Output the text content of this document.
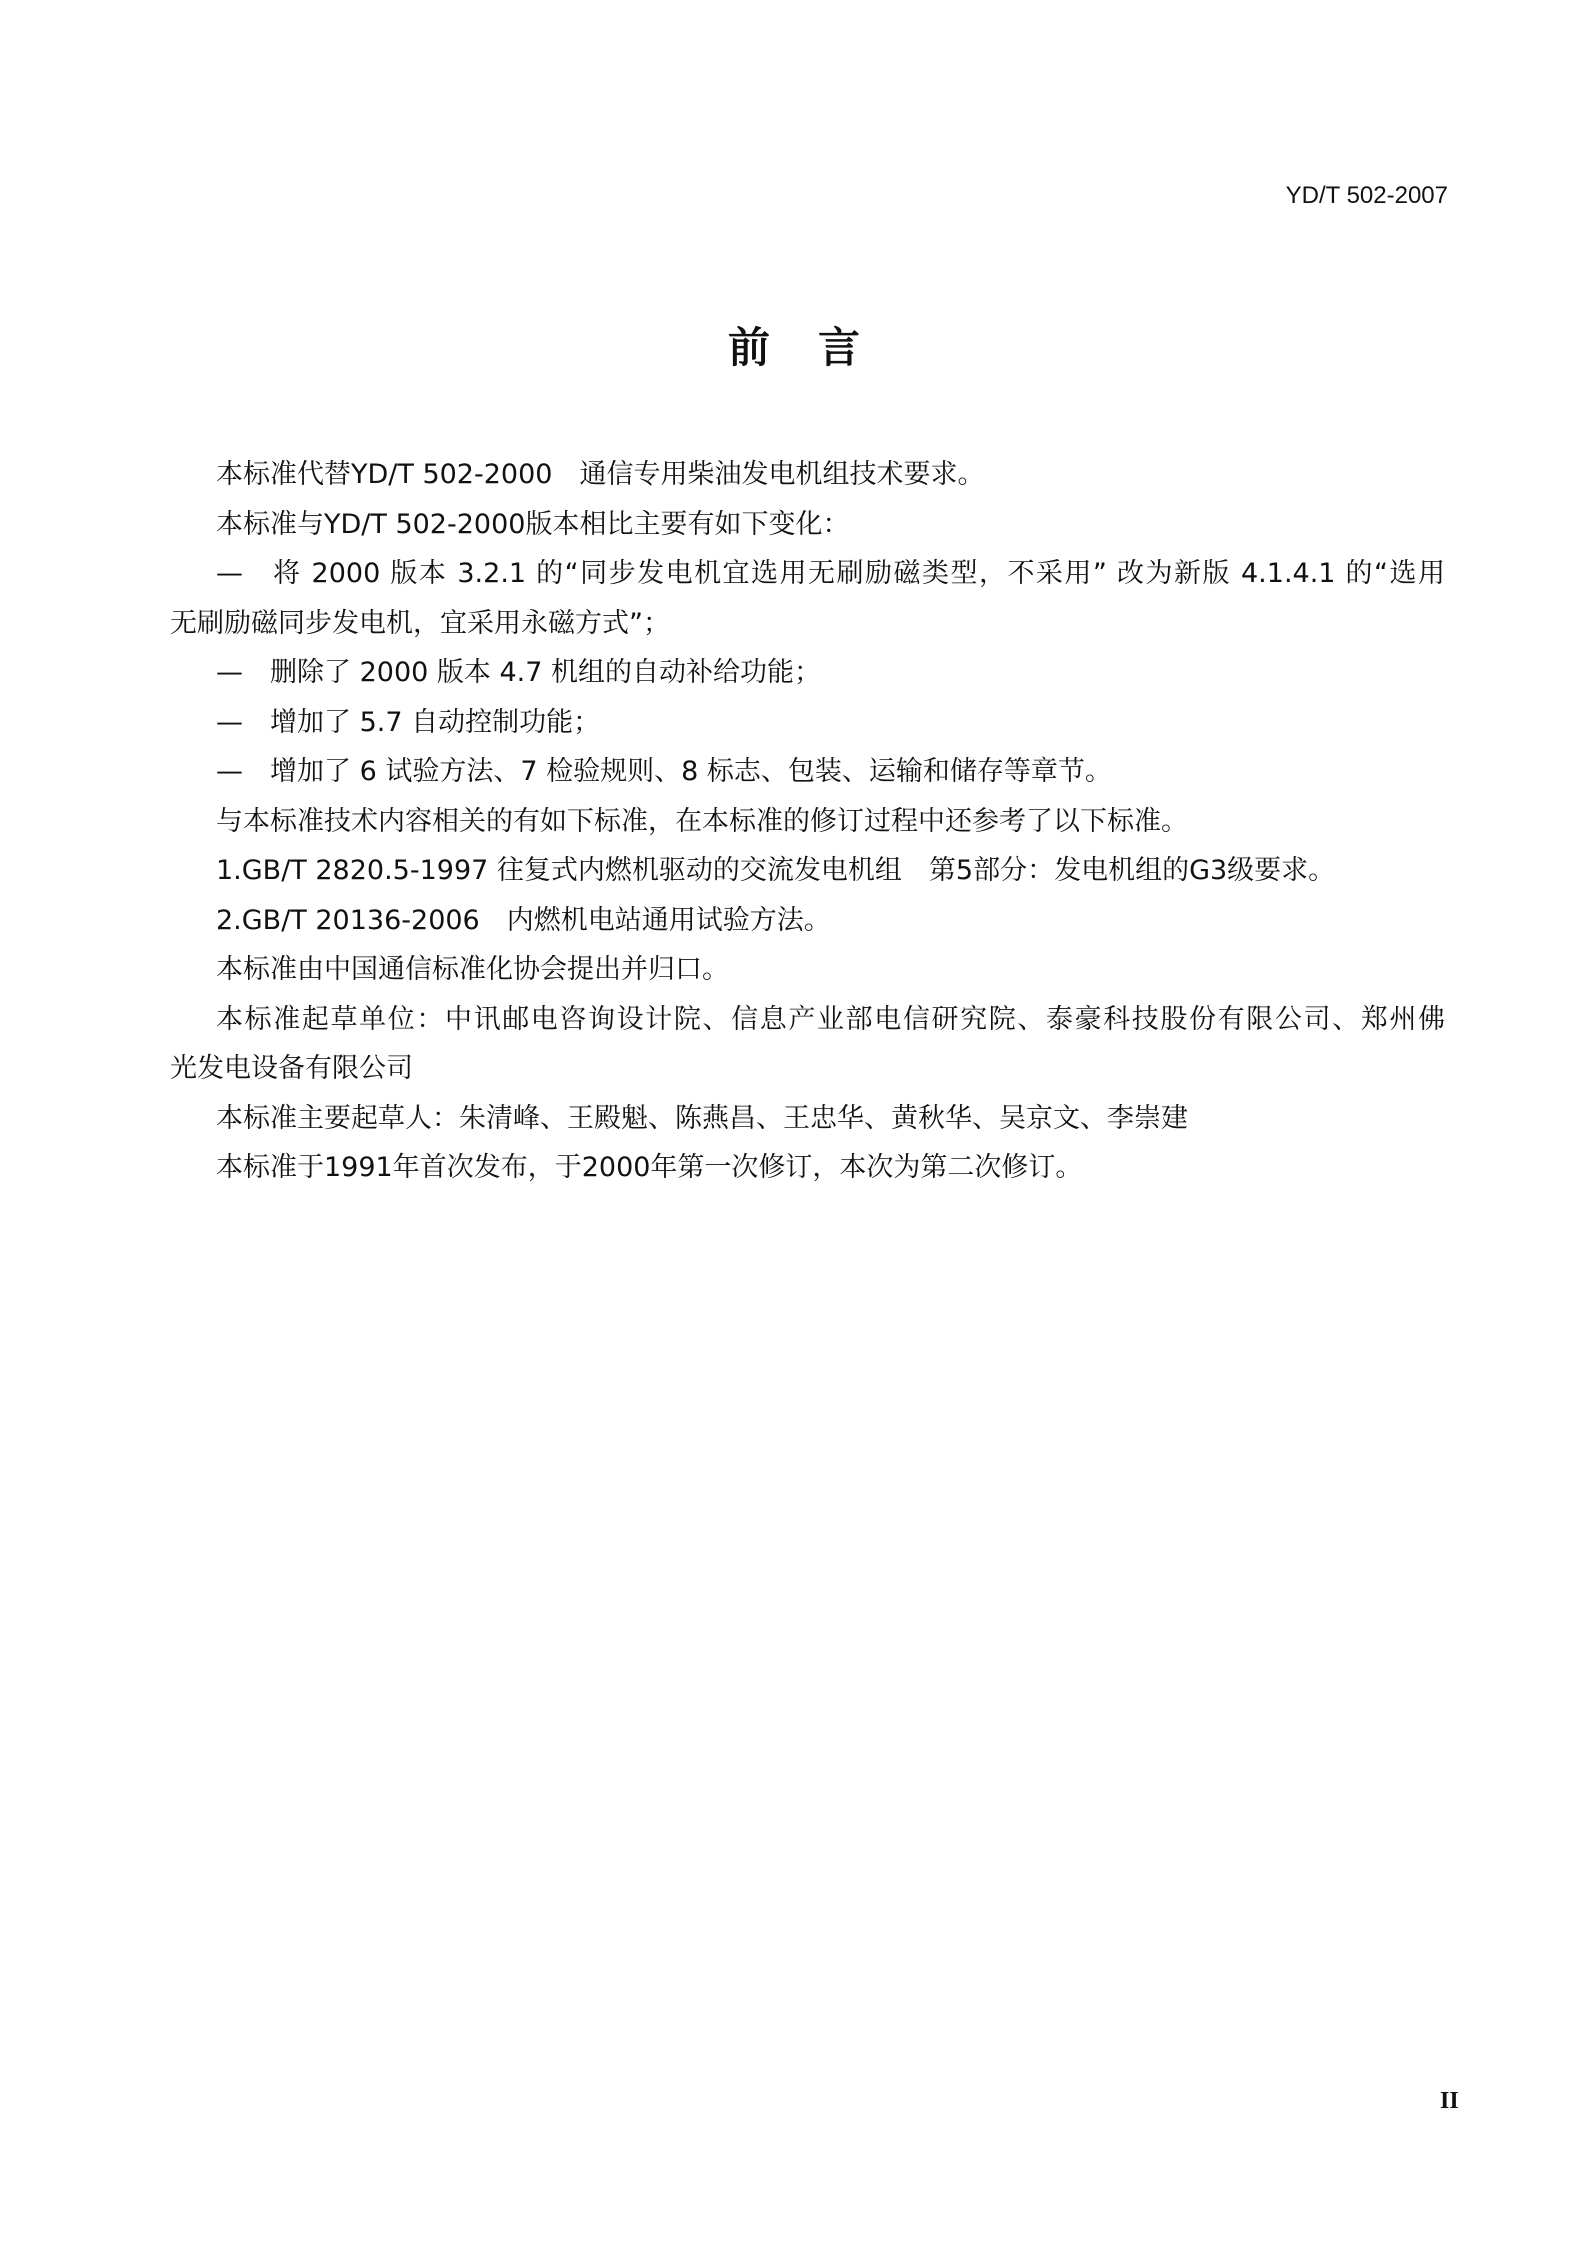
YD/T 502-2007
前言
本标准代替YD/T 502-2000　通信专用柴油发电机组技术要求。
本标准与YD/T 502-2000版本相比主要有如下变化：
—　将 2000 版本 3.2.1 的“同步发电机宜选用无刷励磁类型，不采用” 改为新版 4.1.4.1 的“选用
无刷励磁同步发电机，宜采用永磁方式”；
—　删除了 2000 版本 4.7 机组的自动补给功能；
—　增加了 5.7 自动控制功能；
—　增加了 6 试验方法、7 检验规则、8 标志、包装、运输和储存等章节。
与本标准技术内容相关的有如下标准，在本标准的修订过程中还参考了以下标准。
1.GB/T 2820.5-1997 往复式内燃机驱动的交流发电机组　第5部分：发电机组的G3级要求。
2.GB/T 20136-2006　内燃机电站通用试验方法。
本标准由中国通信标准化协会提出并归口。
本标准起草单位：中讯邮电咨询设计院、信息产业部电信研究院、泰豪科技股份有限公司、郑州佛
光发电设备有限公司
本标准主要起草人：朱清峰、王殿魁、陈燕昌、王忠华、黄秋华、吴京文、李崇建
本标准于1991年首次发布，于2000年第一次修订，本次为第二次修订。
II
